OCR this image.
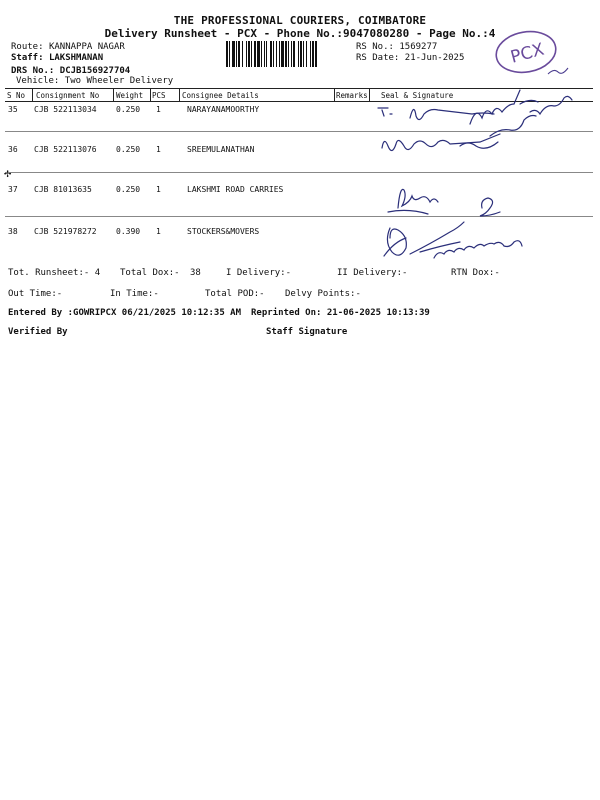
THE PROFESSIONAL COURIERS, COIMBATORE
Delivery Runsheet - PCX - Phone No.:9047080280 - Page No.:4
Route: KANNAPPA NAGAR
Staff: LAKSHMANAN
DRS No.: DCJB156927704
Vehicle: Two Wheeler Delivery
RS No.: 1569277
RS Date: 21-Jun-2025	PCX
S No Consignment No Weight PCS Consignee Details	Remarks Seal & Signature
35 CJB 522113034 0.250 1	NARAYANAMOORTHY
36 CJB 522113076 0.250 1	SREEMULANATHAN
37 CJB 81013635	0.250 1	LAKSHMI ROAD CARRIES
38 CJB 521978272 0.390 1	STOCKERS&MOVERS
Tot. Runsheet:- 4 Total Dox:- 38	I Delivery:-	II Delivery:-	RTN Dox:-
Out Time:-	In Time:-	Total POD:- Delvy Points:-
Entered By :GOWRIPCX 06/21/2025 10:12:35 AM Reprinted On: 21-06-2025 10:13:39
Verified By	Staff Signature
✢
